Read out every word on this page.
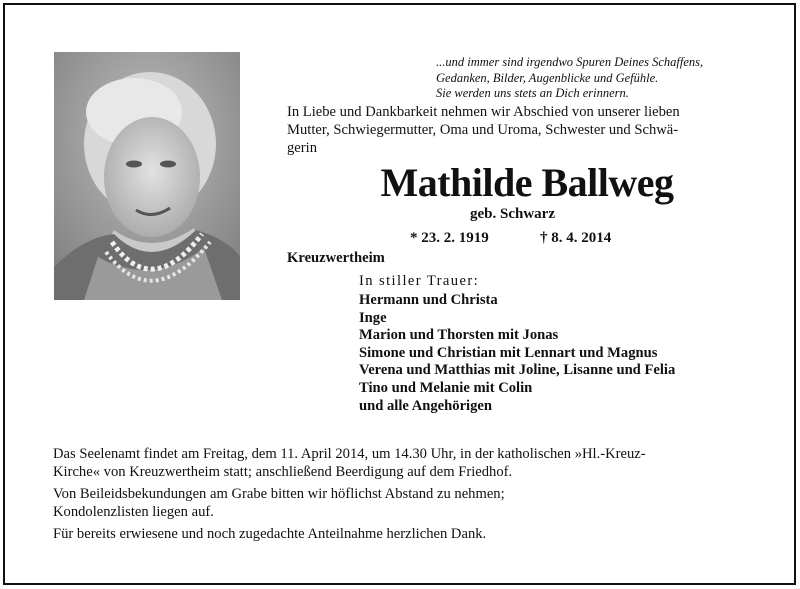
...und immer sind irgendwo Spuren Deines Schaffens,
Gedanken, Bilder, Augenblicke und Gefühle.
Sie werden uns stets an Dich erinnern.
In Liebe und Dankbarkeit nehmen wir Abschied von unserer lieben
Mutter, Schwiegermutter, Oma und Uroma, Schwester und Schwä-
gerin
Mathilde Ballweg
geb. Schwarz
* 23. 2. 1919	† 8. 4. 2014
Kreuzwertheim
In stiller Trauer:
Hermann und Christa
Inge
Marion und Thorsten mit Jonas
Simone und Christian mit Lennart und Magnus
Verena und Matthias mit Joline, Lisanne und Felia
Tino und Melanie mit Colin
und alle Angehörigen
Das Seelenamt findet am Freitag, dem 11. April 2014, um 14.30 Uhr, in der katholischen »Hl.-Kreuz-
Kirche« von Kreuzwertheim statt; anschließend Beerdigung auf dem Friedhof.
Von Beileidsbekundungen am Grabe bitten wir höflichst Abstand zu nehmen;
Kondolenzlisten liegen auf.
Für bereits erwiesene und noch zugedachte Anteilnahme herzlichen Dank.
